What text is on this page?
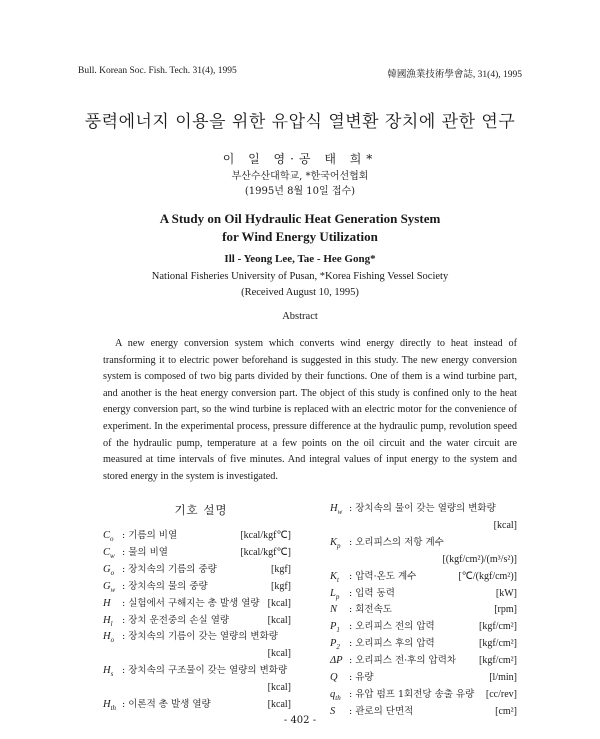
Bull. Korean Soc. Fish. Tech. 31(4), 1995	韓國漁業技術學會誌, 31(4), 1995
풍력에너지 이용을 위한 유압식 열변환 장치에 관한 연구
이 일 영·공 태 희*
부산수산대학교, *한국어선협회
(1995년 8월 10일 접수)
A Study on Oil Hydraulic Heat Generation System
for Wind Energy Utilization
Ill - Yeong Lee, Tae - Hee Gong*
National Fisheries University of Pusan, *Korea Fishing Vessel Society
(Received August 10, 1995)
Abstract

A new energy conversion system which converts wind energy directly to heat instead of transforming it to electric power beforehand is suggested in this study. The new energy conversion system is composed of two big parts divided by their functions. One of them is a wind turbine part, and another is the heat energy conversion part. The object of this study is confined only to the heat energy conversion part, so the wind turbine is replaced with an electric motor for the convenience of experiment. In the experimental process, pressure difference at the hydraulic pump, revolution speed of the hydraulic pump, temperature at a few points on the oil circuit and the water circuit are measured at time intervals of five minutes. And integral values of input energy to the system and stored energy in the system is investigated.

기호 설명
$C_o$ : 기름의 비열	[kcal/kgf℃]
$C_w$ : 물의 비열	[kcal/kgf℃]
$G_o$ : 장치속의 기름의 중량	[kgf]
$G_w$ : 장치속의 물의 중량	[kgf]
H : 실험에서 구해지는 총 발생 열량 [kcal]
$H_l$ : 장치 운전중의 손실 열량	[kcal]
$H_o$ : 장치속의 기름이 갖는 열량의 변화량
[kcal]
$H_s$ : 장치속의 구조물이 갖는 열량의 변화량
[kcal]
$H_{th}$ : 이론적 총 발생 열량	[kcal]
$H_w$ : 장치속의 물이 갖는 열량의 변화량
[kcal]
$K_p$ : 오리피스의 저항 계수
[(kgf/cm²)/(m³/s²)]
$K_t$ : 압력·온도 계수	[℃/(kgf/cm²)]
$L_p$ : 입력 동력	[kW]
N : 회전속도	[rpm]
$P_1$ : 오리피스 전의 압력	[kgf/cm²]
$P_2$ : 오리피스 후의 압력	[kgf/cm²]
ΔP : 오리피스 전·후의 압력차 [kgf/cm²]
Q : 유량	[l/min]
$q_{th}$ : 유압 펌프 1회전당 송출 유량 [cc/rev]
S : 관로의 단면적	[cm²]
- 402 -
